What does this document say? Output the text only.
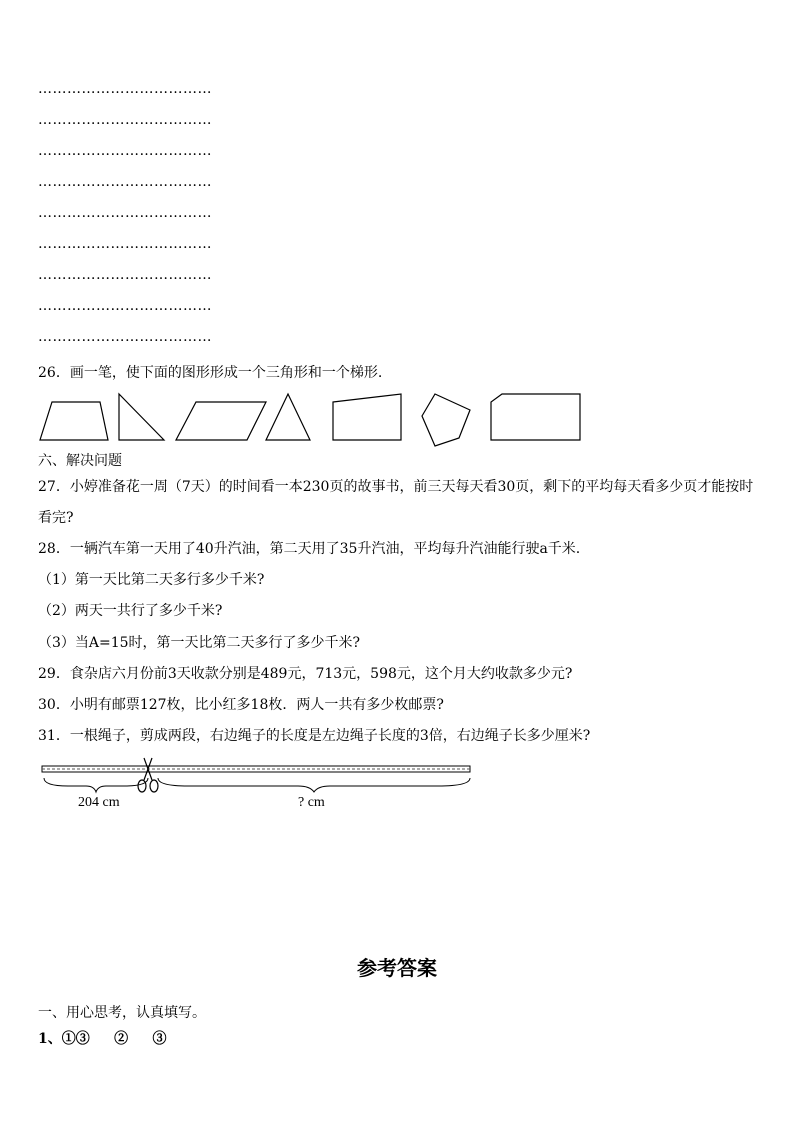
………………………………
………………………………
………………………………
………………………………
………………………………
………………………………
………………………………
………………………………
………………………………
26．画一笔，使下面的图形形成一个三角形和一个梯形.
六、解决问题
27．小婷准备花一周（7天）的时间看一本230页的故事书，前三天每天看30页，剩下的平均每天看多少页才能按时
看完?
28．一辆汽车第一天用了40升汽油，第二天用了35升汽油，平均每升汽油能行驶a千米.
（1）第一天比第二天多行多少千米?
（2）两天一共行了多少千米?
（3）当A=15时，第一天比第二天多行了多少千米?
29．食杂店六月份前3天收款分别是489元，713元，598元，这个月大约收款多少元?
30．小明有邮票127枚，比小红多18枚．两人一共有多少枚邮票?
31．一根绳子，剪成两段，右边绳子的长度是左边绳子长度的3倍，右边绳子长多少厘米?
204 cm	? cm
参考答案
一、用心思考，认真填写。
1、①③     ②     ③
